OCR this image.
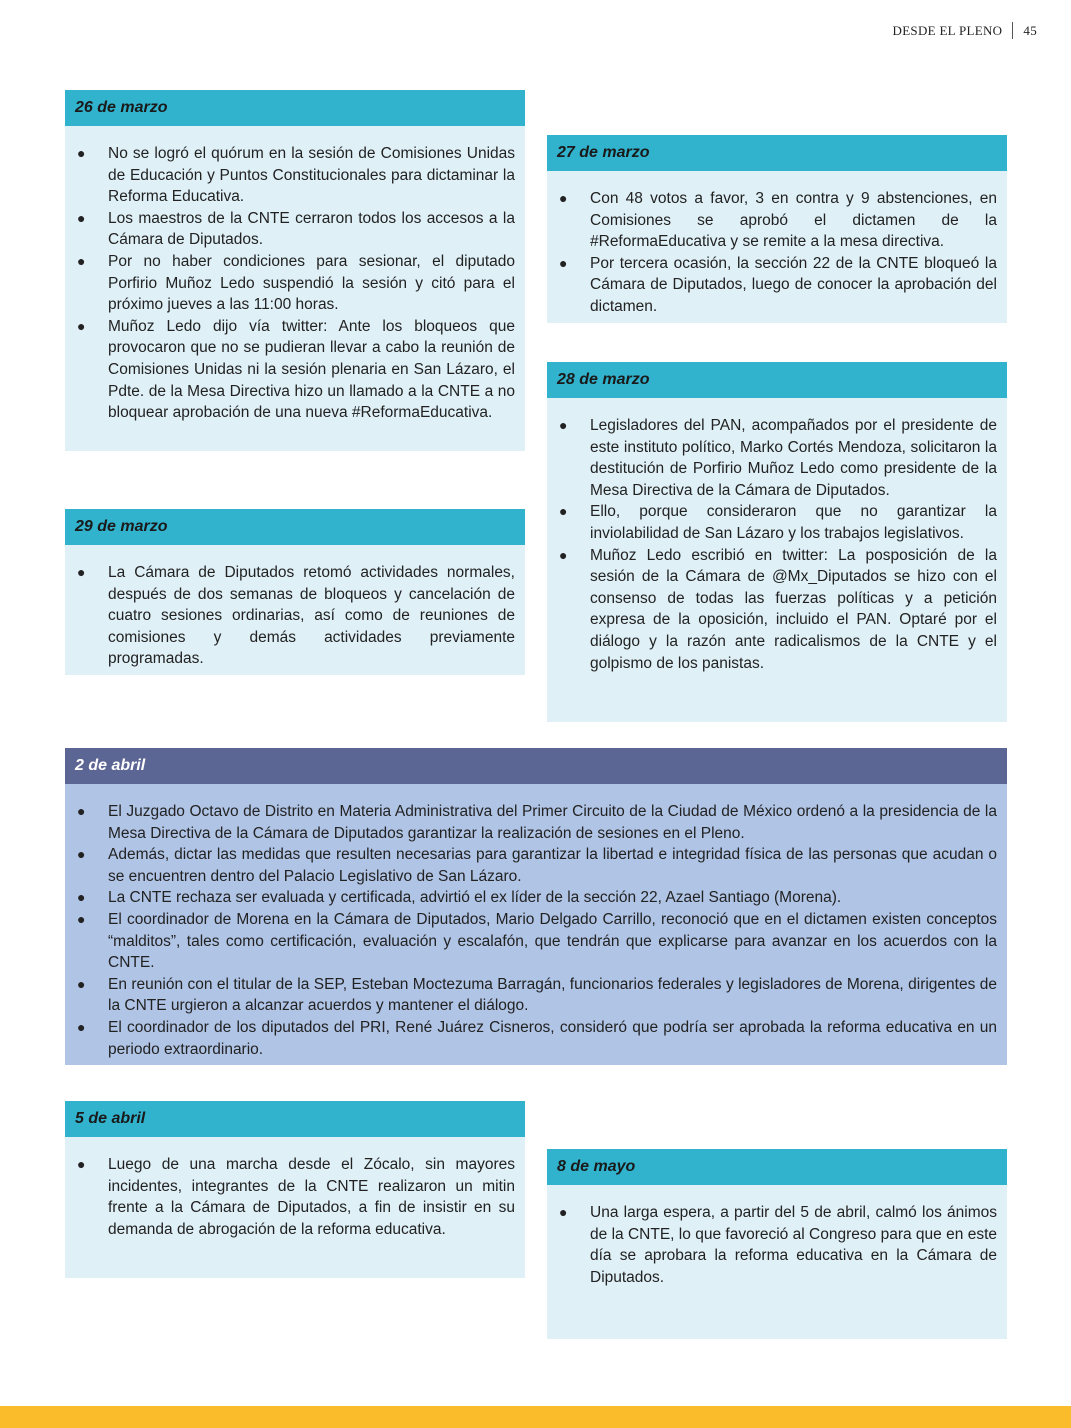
DESDE EL PLENO 45
26 de marzo
● No se logró el quórum en la sesión de Comisiones Unidas de Educación y Puntos Constitucionales para dictaminar la Reforma Educativa.
● Los maestros de la CNTE cerraron todos los accesos a la Cámara de Diputados.
● Por no haber condiciones para sesionar, el diputado Porfirio Muñoz Ledo suspendió la sesión y citó para el próximo jueves a las 11:00 horas.
● Muñoz Ledo dijo vía twitter: Ante los bloqueos que provocaron que no se pudieran llevar a cabo la reunión de Comisiones Unidas ni la sesión plenaria en San Lázaro, el Pdte. de la Mesa Directiva hizo un llamado a la CNTE a no bloquear aprobación de una nueva #ReformaEducativa.
27 de marzo
● Con 48 votos a favor, 3 en contra y 9 abstenciones, en Comisiones se aprobó el dictamen de la #ReformaEducativa y se remite a la mesa directiva.
● Por tercera ocasión, la sección 22 de la CNTE bloqueó la Cámara de Diputados, luego de conocer la aprobación del dictamen.
28 de marzo
● Legisladores del PAN, acompañados por el presidente de este instituto político, Marko Cortés Mendoza, solicitaron la destitución de Porfirio Muñoz Ledo como presidente de la Mesa Directiva de la Cámara de Diputados.
● Ello, porque consideraron que no garantizar la inviolabilidad de San Lázaro y los trabajos legislativos.
● Muñoz Ledo escribió en twitter: La posposición de la sesión de la Cámara de @Mx_Diputados se hizo con el consenso de todas las fuerzas políticas y a petición expresa de la oposición, incluido el PAN. Optaré por el diálogo y la razón ante radicalismos de la CNTE y el golpismo de los panistas.
29 de marzo
● La Cámara de Diputados retomó actividades normales, después de dos semanas de bloqueos y cancelación de cuatro sesiones ordinarias, así como de reuniones de comisiones y demás actividades previamente programadas.
2 de abril
● El Juzgado Octavo de Distrito en Materia Administrativa del Primer Circuito de la Ciudad de México ordenó a la presidencia de la Mesa Directiva de la Cámara de Diputados garantizar la realización de sesiones en el Pleno.
● Además, dictar las medidas que resulten necesarias para garantizar la libertad e integridad física de las personas que acudan o se encuentren dentro del Palacio Legislativo de San Lázaro.
● La CNTE rechaza ser evaluada y certificada, advirtió el ex líder de la sección 22, Azael Santiago (Morena).
● El coordinador de Morena en la Cámara de Diputados, Mario Delgado Carrillo, reconoció que en el dictamen existen conceptos “malditos”, tales como certificación, evaluación y escalafón, que tendrán que explicarse para avanzar en los acuerdos con la CNTE.
● En reunión con el titular de la SEP, Esteban Moctezuma Barragán, funcionarios federales y legisladores de Morena, dirigentes de la CNTE urgieron a alcanzar acuerdos y mantener el diálogo.
● El coordinador de los diputados del PRI, René Juárez Cisneros, consideró que podría ser aprobada la reforma educativa en un periodo extraordinario.
5 de abril
● Luego de una marcha desde el Zócalo, sin mayores incidentes, integrantes de la CNTE realizaron un mitin frente a la Cámara de Diputados, a fin de insistir en su demanda de abrogación de la reforma educativa.
8 de mayo
● Una larga espera, a partir del 5 de abril, calmó los ánimos de la CNTE, lo que favoreció al Congreso para que en este día se aprobara la reforma educativa en la Cámara de Diputados.
